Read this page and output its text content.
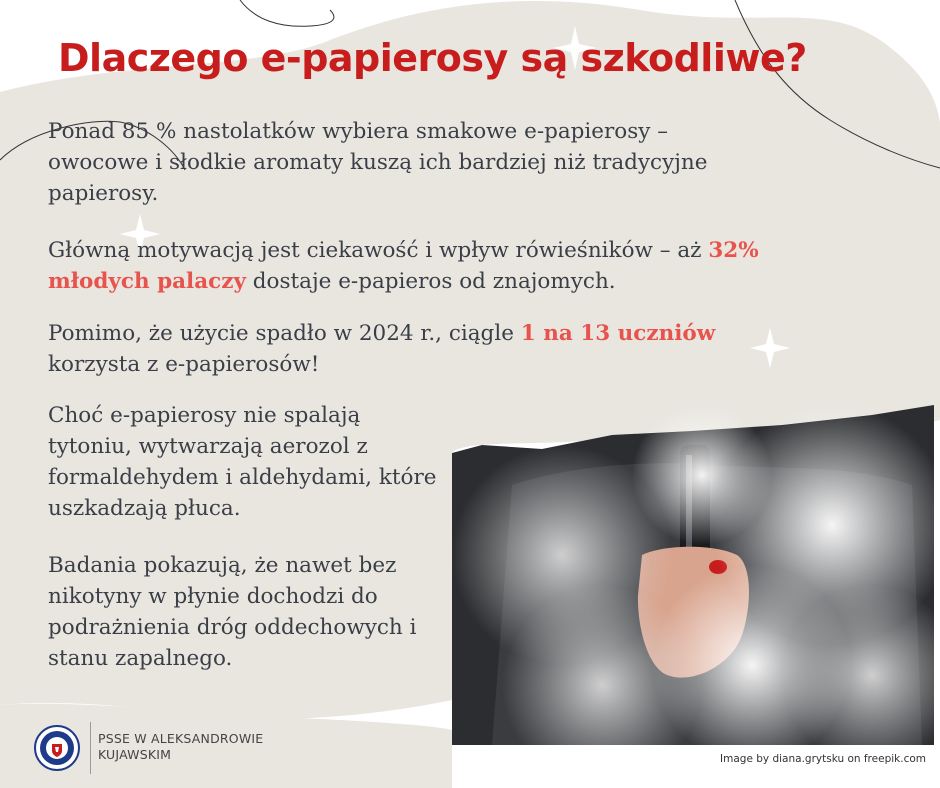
Dlaczego e-papierosy są szkodliwe?

Ponad 85 % nastolatków wybiera smakowe e-papierosy – owocowe i słodkie aromaty kuszą ich bardziej niż tradycyjne papierosy.

Główną motywacją jest ciekawość i wpływ rówieśników – aż 32% młodych palaczy dostaje e-papieros od znajomych.

Pomimo, że użycie spadło w 2024 r., ciągle 1 na 13 uczniów korzysta z e-papierosów!

Choć e-papierosy nie spalają tytoniu, wytwarzają aerozol z formaldehydem i aldehydami, które uszkadzają płuca.

Badania pokazują, że nawet bez nikotyny w płynie dochodzi do podrażnienia dróg oddechowych i stanu zapalnego.

PSSE W ALEKSANDROWIE
KUJAWSKIM	Image by diana.grytsku on freepik.com
